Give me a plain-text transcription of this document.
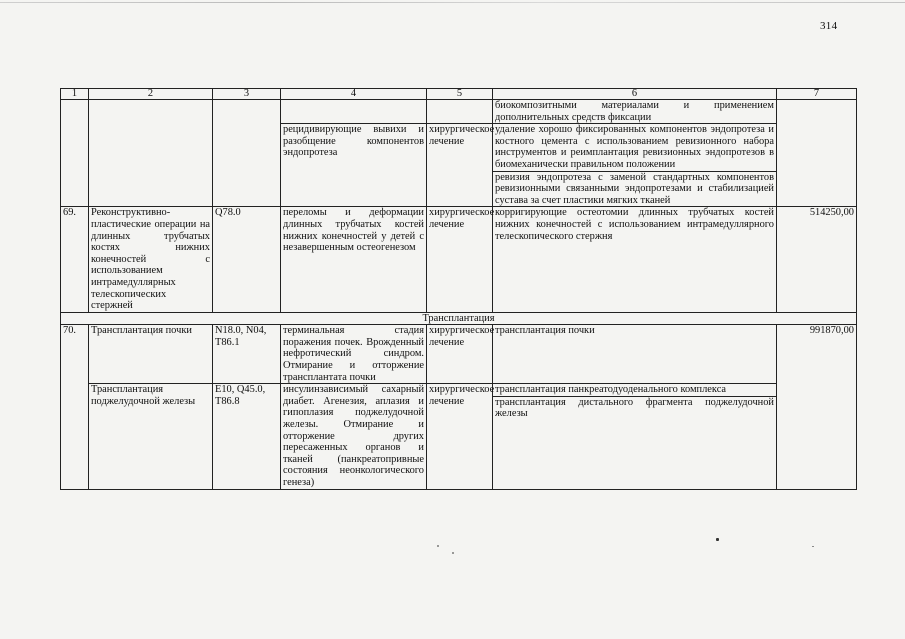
314
1	2	3	4	5	6	7
					биокомпозитными материалами и применением дополнительных средств фиксации	
			рецидивирующие вывихи и разобщение компонентов эндопротеза	хирургическое лечение	удаление хорошо фиксированных компонентов эндопротеза и костного цемента с использованием ревизионного набора инструментов и реимплантация ревизионных эндопротезов в биомеханически правильном положении	
					ревизия эндопротеза с заменой стандартных компонентов ревизионными связанными эндопротезами и стабилизацией сустава за счет пластики мягких тканей	
69.	Реконструктивно-пластические операции на длинных трубчатых костях нижних конечностей с использованием интрамедуллярных телескопических стержней	Q78.0	переломы и деформации длинных трубчатых костей нижних конечностей у детей с незавершенным остеогенезом	хирургическое лечение	корригирующие остеотомии длинных трубчатых костей нижних конечностей с использованием интрамедуллярного телескопического стержня	514250,00
Трансплантация						
70.	Трансплантация почки	N18.0, N04, T86.1	терминальная стадия поражения почек. Врожденный нефротический синдром. Отмирание и отторжение трансплантата почки	хирургическое лечение	трансплантация почки	991870,00
	Трансплантация поджелудочной железы	E10, Q45.0, T86.8	инсулинзависимый сахарный диабет. Агенезия, аплазия и гипоплазия поджелудочной железы. Отмирание и отторжение других пересаженных органов и тканей (панкреатопривные состояния неонкологического генеза)	хирургическое лечение	трансплантация панкреатодуоденального комплекса	
					трансплантация дистального фрагмента поджелудочной железы	
